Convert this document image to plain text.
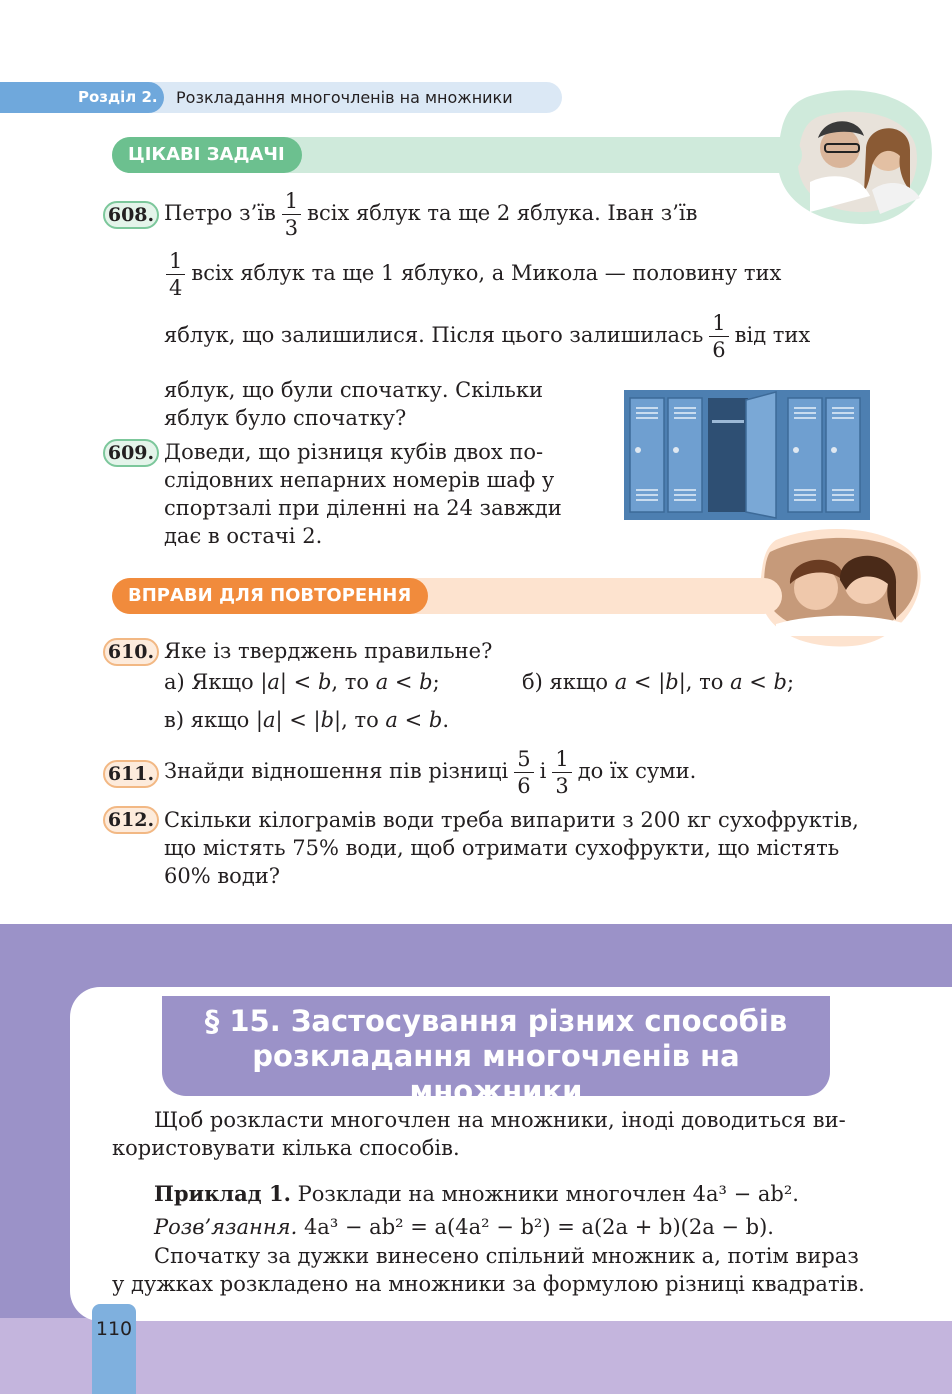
Розділ 2. Розкладання многочленів на множники
ЦІКАВІ ЗАДАЧІ
608. Петро з’їв $\frac{1}{3}$ всіх яблук та ще 2 яблука. Іван з’їв
$\frac{1}{4}$ всіх яблук та ще 1 яблуко, а Микола — половину тих
яблук, що залишилися. Після цього залишилась $\frac{1}{6}$ від тих
яблук, що були спочатку. Скільки
яблук було спочатку?
609. Доведи, що різниця кубів двох по-
слідовних непарних номерів шаф у
спортзалі при діленні на 24 завжди
дає в остачі 2.
ВПРАВИ ДЛЯ ПОВТОРЕННЯ
610. Яке із тверджень правильне?
а) Якщо |a| < b, то a < b;	б) якщо a < |b|, то a < b;
в) якщо |a| < |b|, то a < b.
611. Знайди відношення пів різниці $\frac{5}{6}$ і $\frac{1}{3}$ до їх суми.
612. Скільки кілограмів води треба випарити з 200 кг сухофруктів,
що містять 75% води, щоб отримати сухофрукти, що містять
60% води?
§ 15. Застосування різних способів
розкладання многочленів на множники
Щоб розкласти многочлен на множники, іноді доводиться ви-
користовувати кілька способів.
Приклад 1. Розклади на множники многочлен 4a³ − ab².
Розв’язання. 4a³ − ab² = a(4a² − b²) = a(2a + b)(2a − b).
Спочатку за дужки винесено спільний множник a, потім вираз
у дужках розкладено на множники за формулою різниці квадратів.
110
